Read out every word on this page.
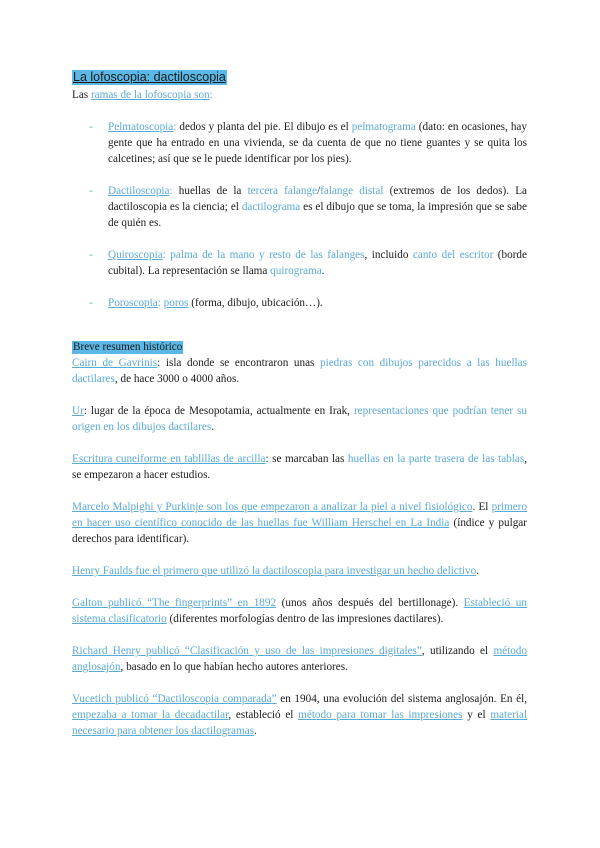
La lofoscopia: dactiloscopia

Las ramas de la lofoscopia son:

- Pelmatoscopia: dedos y planta del pie. El dibujo es el pelmatograma (dato: en ocasiones, hay gente que ha entrado en una vivienda, se da cuenta de que no tiene guantes y se quita los calcetines; así que se le puede identificar por los pies).
- Dactiloscopia: huellas de la tercera falange/falange distal (extremos de los dedos). La dactiloscopia es la ciencia; el dactilograma es el dibujo que se toma, la impresión que se sabe de quién es.
- Quiroscopia: palma de la mano y resto de las falanges, incluido canto del escritor (borde cubital). La representación se llama quirograma.
- Poroscopia: poros (forma, dibujo, ubicación…).

Breve resumen histórico

Cairn de Gavrinis: isla donde se encontraron unas piedras con dibujos parecidos a las huellas dactilares, de hace 3000 o 4000 años.

Ur: lugar de la época de Mesopotamia, actualmente en Irak, representaciones que podrían tener su origen en los dibujos dactilares.

Escritura cuneiforme en tablillas de arcilla: se marcaban las huellas en la parte trasera de las tablas, se empezaron a hacer estudios.

Marcelo Malpighi y Purkinje son los que empezaron a analizar la piel a nivel fisiológico. El primero en hacer uso científico conocido de las huellas fue William Herschel en La India (índice y pulgar derechos para identificar).

Henry Faulds fue el primero que utilizó la dactiloscopia para investigar un hecho delictivo.

Galton publicó “The fingerprints” en 1892 (unos años después del bertillonage). Estableció un sistema clasificatorio (diferentes morfologías dentro de las impresiones dactilares).

Richard Henry publicó “Clasificación y uso de las impresiones digitales”, utilizando el método anglosajón, basado en lo que habían hecho autores anteriores.

Vucetich publicó “Dactiloscopia comparada” en 1904, una evolución del sistema anglosajón. En él, empezaba a tomar la decadactilar, estableció el método para tomar las impresiones y el material necesario para obtener los dactilogramas.
